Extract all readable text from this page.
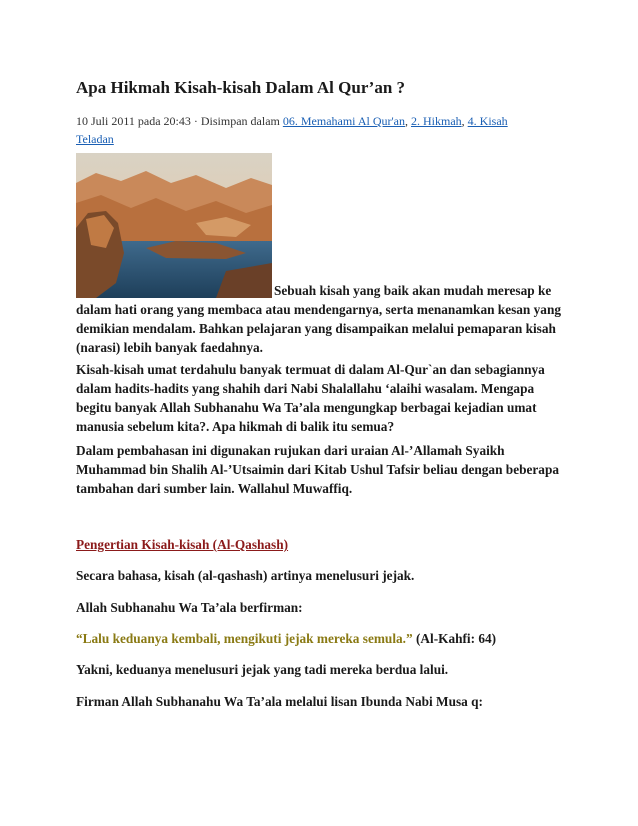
Apa Hikmah Kisah-kisah Dalam Al Qur’an ?
10 Juli 2011 pada 20:43 · Disimpan dalam 06. Memahami Al Qur'an, 2. Hikmah, 4. Kisah Teladan

Sebuah kisah yang baik akan mudah meresap ke dalam hati orang yang membaca atau mendengarnya, serta menanamkan kesan yang demikian mendalam. Bahkan pelajaran yang disampaikan melalui pemaparan kisah (narasi) lebih banyak faedahnya.

Kisah-kisah umat terdahulu banyak termuat di dalam Al-Qur`an dan sebagiannya dalam hadits-hadits yang shahih dari Nabi Shalallahu ‘alaihi wasalam. Mengapa begitu banyak Allah Subhanahu Wa Ta’ala mengungkap berbagai kejadian umat manusia sebelum kita?. Apa hikmah di balik itu semua?

Dalam pembahasan ini digunakan rujukan dari uraian Al-’Allamah Syaikh Muhammad bin Shalih Al-’Utsaimin dari Kitab Ushul Tafsir beliau dengan beberapa tambahan dari sumber lain. Wallahul Muwaffiq.

Pengertian Kisah-kisah (Al-Qashash)

Secara bahasa, kisah (al-qashash) artinya menelusuri jejak.

Allah Subhanahu Wa Ta’ala berfirman:

“Lalu keduanya kembali, mengikuti jejak mereka semula.” (Al-Kahfi: 64)

Yakni, keduanya menelusuri jejak yang tadi mereka berdua lalui.

Firman Allah Subhanahu Wa Ta’ala melalui lisan Ibunda Nabi Musa q:
